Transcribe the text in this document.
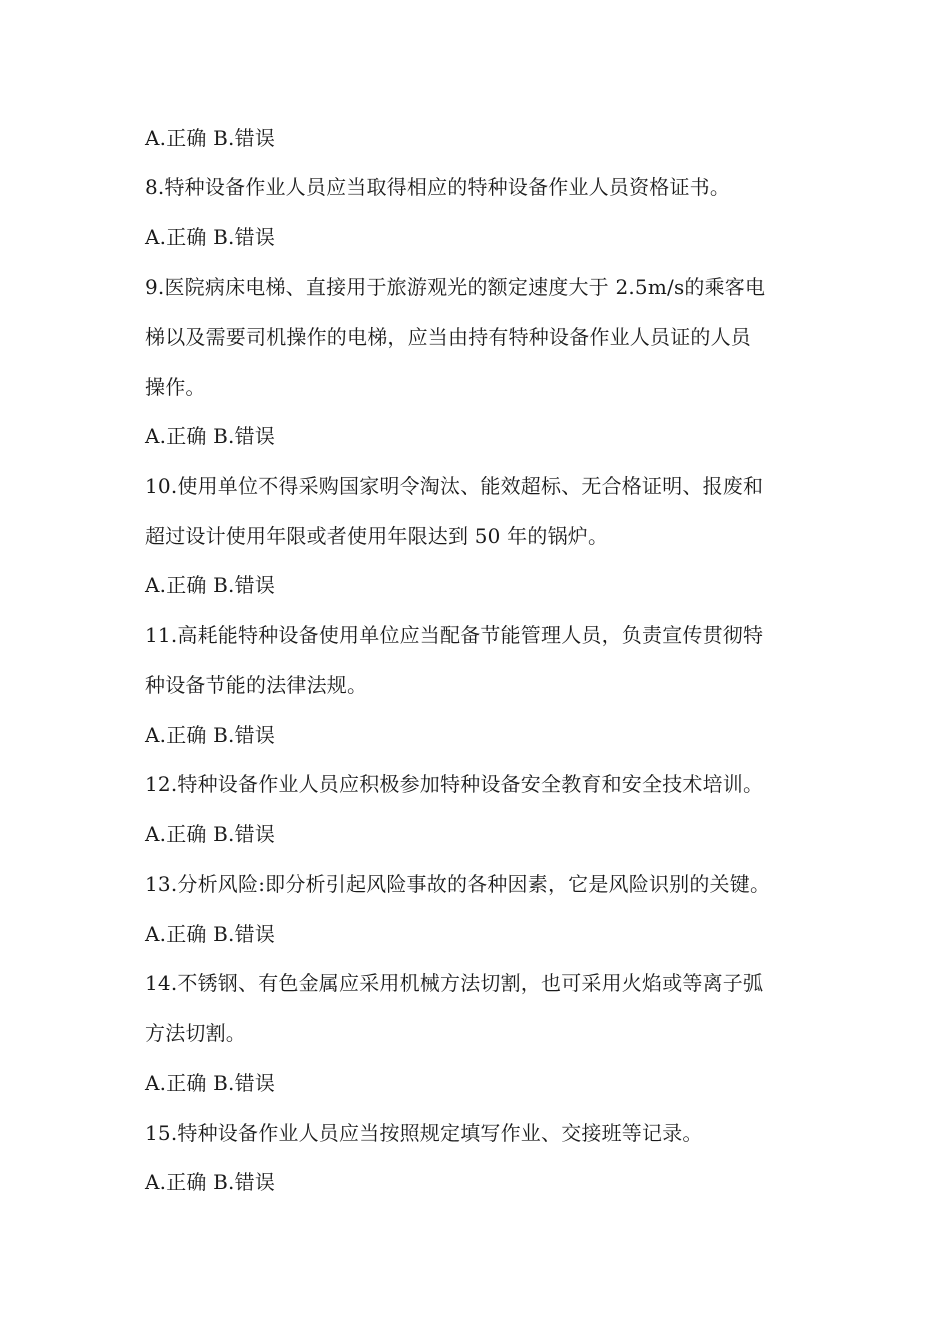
A.正确 B.错误
8.特种设备作业人员应当取得相应的特种设备作业人员资格证书。
A.正确 B.错误
9.医院病床电梯、直接用于旅游观光的额定速度大于 2.5m/s的乘客电
梯以及需要司机操作的电梯，应当由持有特种设备作业人员证的人员
操作。
A.正确 B.错误
10.使用单位不得采购国家明令淘汰、能效超标、无合格证明、报废和
超过设计使用年限或者使用年限达到 50 年的锅炉。
A.正确 B.错误
11.高耗能特种设备使用单位应当配备节能管理人员，负责宣传贯彻特
种设备节能的法律法规。
A.正确 B.错误
12.特种设备作业人员应积极参加特种设备安全教育和安全技术培训。
A.正确 B.错误
13.分析风险:即分析引起风险事故的各种因素，它是风险识别的关键。
A.正确 B.错误
14.不锈钢、有色金属应采用机械方法切割，也可采用火焰或等离子弧
方法切割。
A.正确 B.错误
15.特种设备作业人员应当按照规定填写作业、交接班等记录。
A.正确 B.错误
